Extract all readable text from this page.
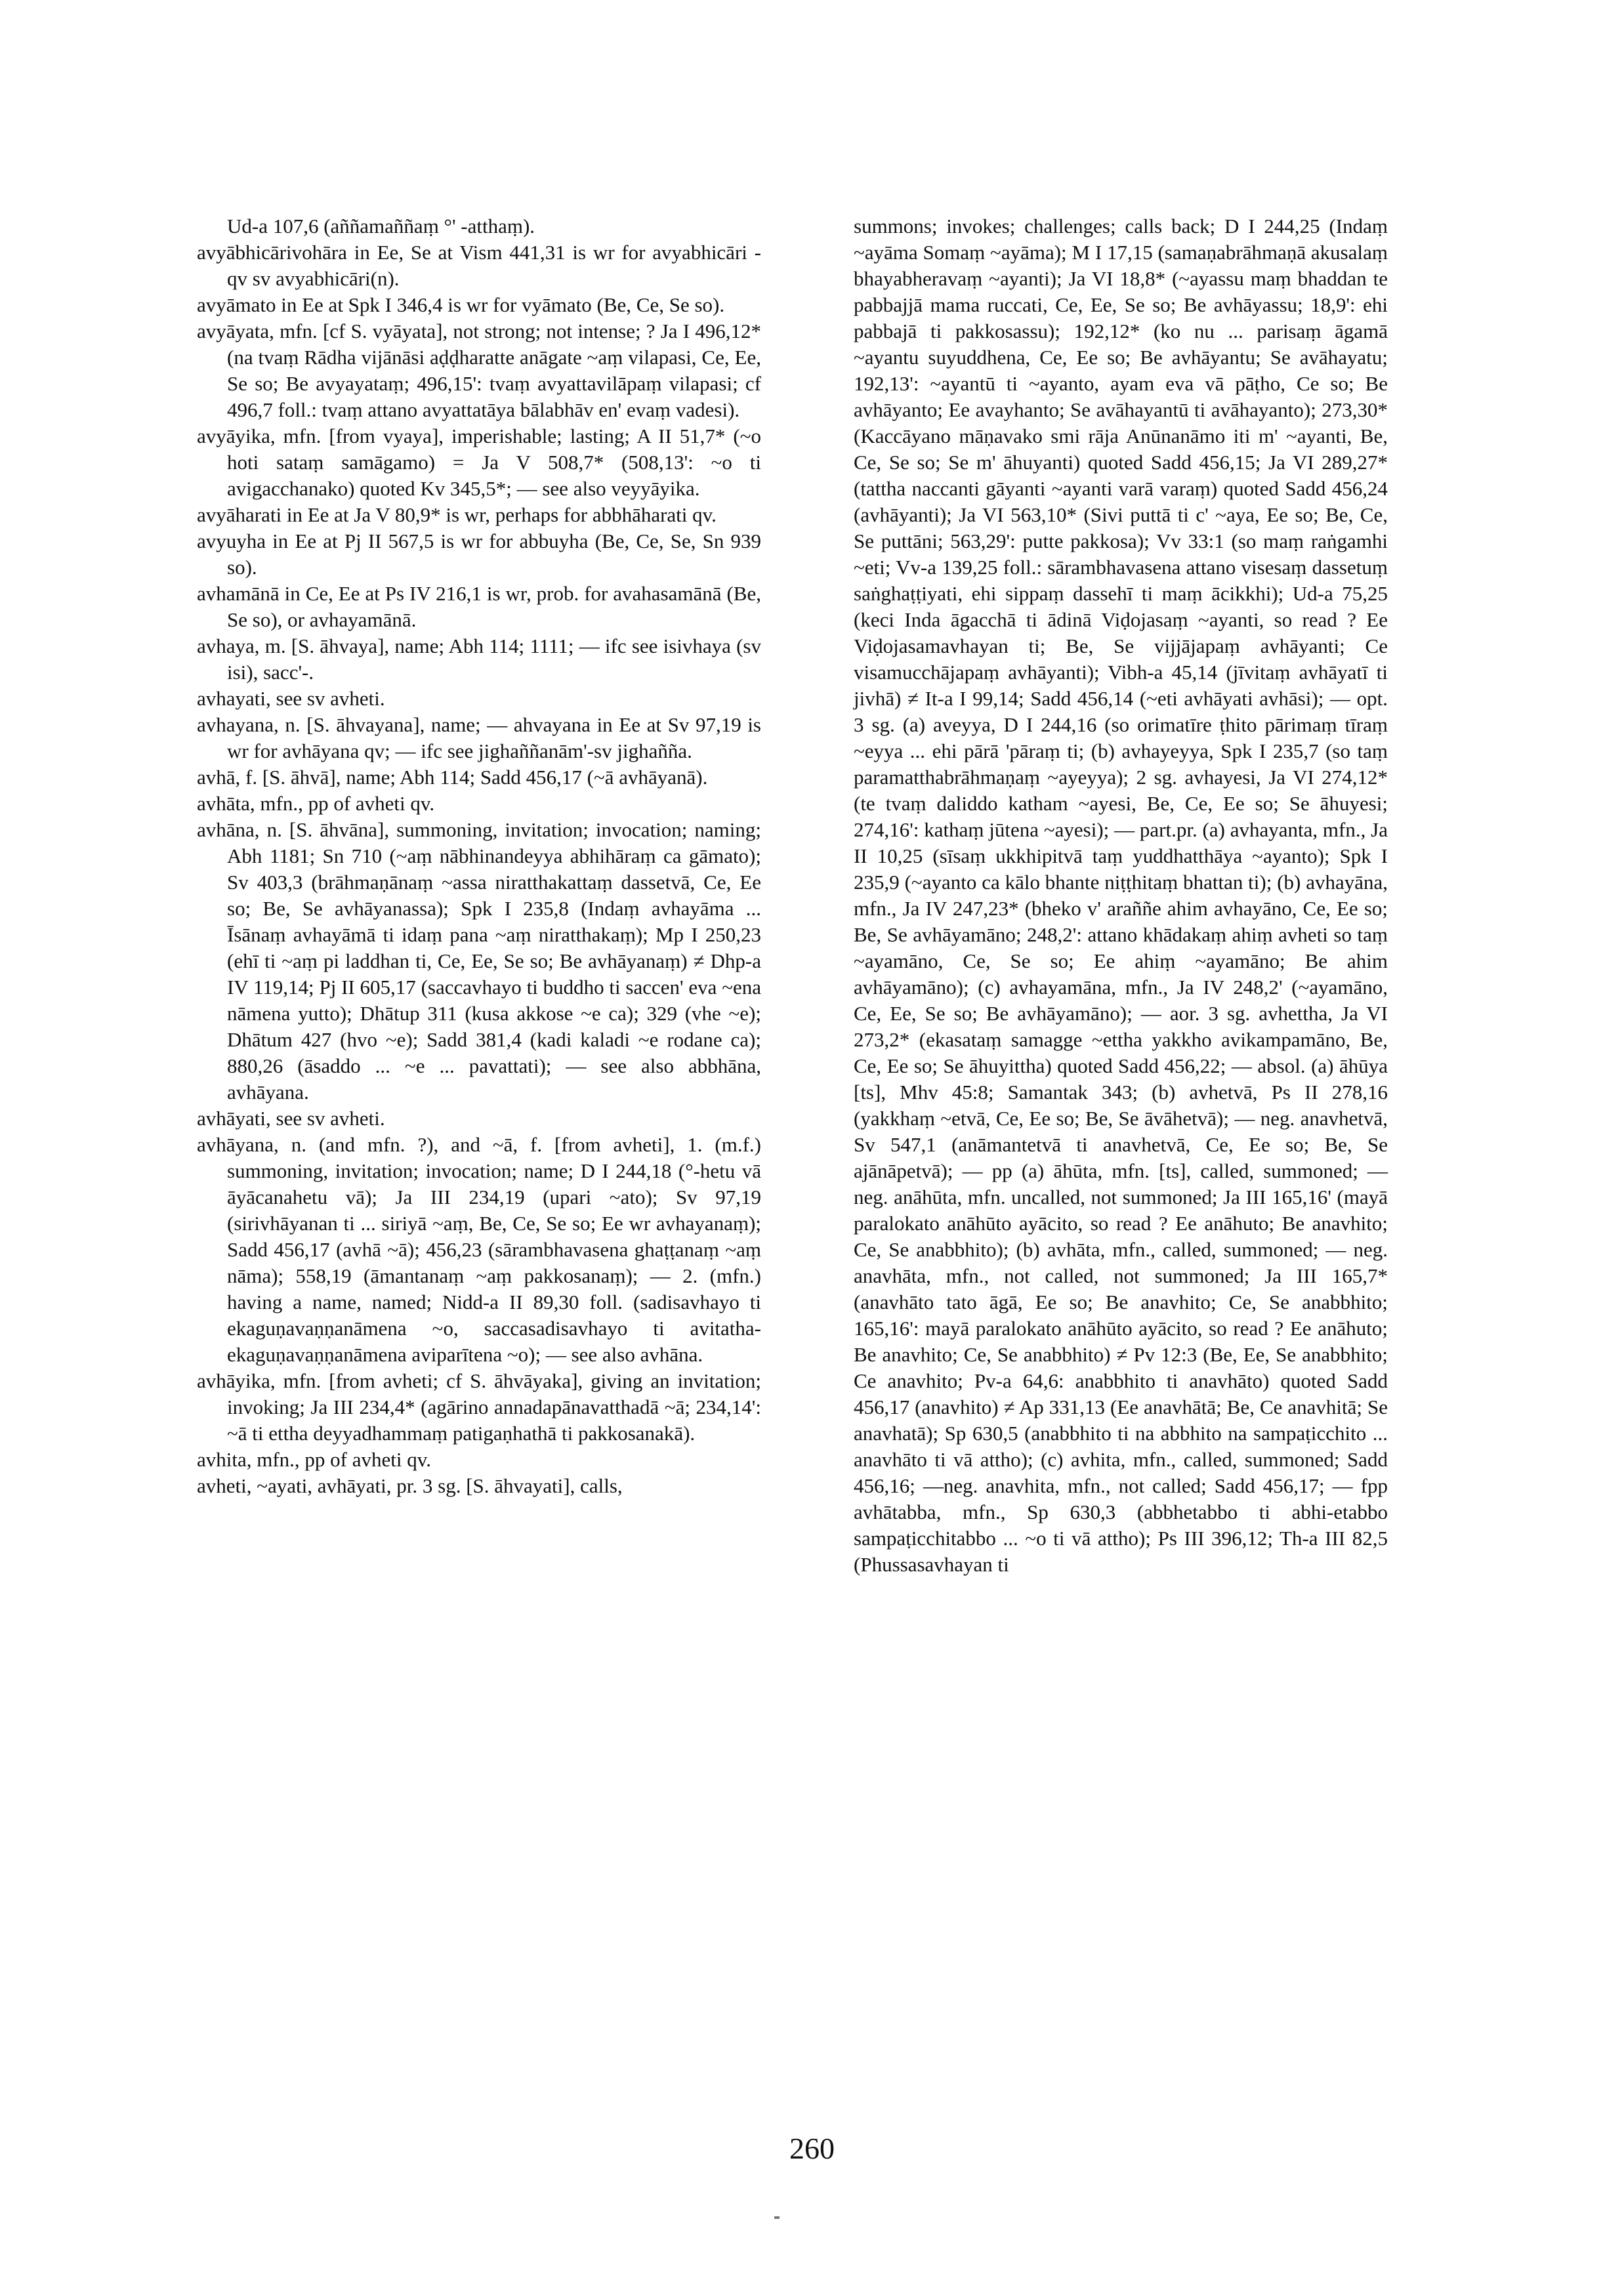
Ud-a 107,6 (aññamaññaṃ °' -atthaṃ).

avyābhicārivohāra in Ee, Se at Vism 441,31 is wr for avyabhicāri - qv sv avyabhicāri(n).

avyāmato in Ee at Spk I 346,4 is wr for vyāmato (Be, Ce, Se so).

avyāyata, mfn. [cf S. vyāyata], not strong; not intense; ? Ja I 496,12* (na tvaṃ Rādha vijānāsi aḍḍharatte anāgate ~aṃ vilapasi, Ce, Ee, Se so; Be avyayataṃ; 496,15': tvaṃ avyattavilāpaṃ vilapasi; cf 496,7 foll.: tvaṃ attano avyattatāya bālabhāv en' evaṃ vadesi).

avyāyika, mfn. [from vyaya], imperishable; lasting; A II 51,7* (~o hoti sataṃ samāgamo) = Ja V 508,7* (508,13': ~o ti avigacchanako) quoted Kv 345,5*; — see also veyyāyika.

avyāharati in Ee at Ja V 80,9* is wr, perhaps for abbhāharati qv.

avyuyha in Ee at Pj II 567,5 is wr for abbuyha (Be, Ce, Se, Sn 939 so).

avhamānā in Ce, Ee at Ps IV 216,1 is wr, prob. for avahasamānā (Be, Se so), or avhayamānā.

avhaya, m. [S. āhvaya], name; Abh 114; 1111; — ifc see isivhaya (sv isi), sacc'-.

avhayati, see sv avheti.

avhayana, n. [S. āhvayana], name; — ahvayana in Ee at Sv 97,19 is wr for avhāyana qv; — ifc see jighaññanām'-sv jighañña.

avhā, f. [S. āhvā], name; Abh 114; Sadd 456,17 (~ā avhāyanā).

avhāta, mfn., pp of avheti qv.

avhāna, n. [S. āhvāna], summoning, invitation; invocation; naming; Abh 1181; Sn 710 (~aṃ nābhinandeyya abhihāraṃ ca gāmato); Sv 403,3 (brāhmaṇānaṃ ~assa niratthakattaṃ dassetvā, Ce, Ee so; Be, Se avhāyanassa); Spk I 235,8 (Indaṃ avhayāma ... Īsānaṃ avhayāmā ti idaṃ pana ~aṃ niratthakaṃ); Mp I 250,23 (ehī ti ~aṃ pi laddhan ti, Ce, Ee, Se so; Be avhāyanaṃ) ≠ Dhp-a IV 119,14; Pj II 605,17 (saccavhayo ti buddho ti saccen' eva ~ena nāmena yutto); Dhātup 311 (kusa akkose ~e ca); 329 (vhe ~e); Dhātum 427 (hvo ~e); Sadd 381,4 (kadi kaladi ~e rodane ca); 880,26 (āsaddo ... ~e ... pavattati); — see also abbhāna, avhāyana.

avhāyati, see sv avheti.

avhāyana, n. (and mfn. ?), and ~ā, f. [from avheti], 1. (m.f.) summoning, invitation; invocation; name; D I 244,18 (°-hetu vā āyācanahetu vā); Ja III 234,19 (upari ~ato); Sv 97,19 (sirivhāyanan ti ... siriyā ~aṃ, Be, Ce, Se so; Ee wr avhayanaṃ); Sadd 456,17 (avhā ~ā); 456,23 (sārambhavasena ghaṭṭanaṃ ~aṃ nāma); 558,19 (āmantanaṃ ~aṃ pakkosanaṃ); — 2. (mfn.) having a name, named; Nidd-a II 89,30 foll. (sadisavhayo ti ekaguṇavaṇṇanāmena ~o, saccasadisavhayo ti avitatha-ekaguṇavaṇṇanāmena aviparītena ~o); — see also avhāna.

avhāyika, mfn. [from avheti; cf S. āhvāyaka], giving an invitation; invoking; Ja III 234,4* (agārino annadapānavatthadā ~ā; 234,14': ~ā ti ettha deyyadhammaṃ patigaṇhathā ti pakkosanakā).

avhita, mfn., pp of avheti qv.

avheti, ~ayati, avhāyati, pr. 3 sg. [S. āhvayati], calls,

summons; invokes; challenges; calls back; D I 244,25 (Indaṃ ~ayāma Somaṃ ~ayāma); M I 17,15 (samaṇabrāhmaṇā akusalaṃ bhayabheravaṃ ~ayanti); Ja VI 18,8* (~ayassu maṃ bhaddan te pabbajjā mama ruccati, Ce, Ee, Se so; Be avhāyassu; 18,9': ehi pabbajā ti pakkosassu); 192,12* (ko nu ... parisaṃ āgamā ~ayantu suyuddhena, Ce, Ee so; Be avhāyantu; Se avāhayatu; 192,13': ~ayantū ti ~ayanto, ayam eva vā pāṭho, Ce so; Be avhāyanto; Ee avayhanto; Se avāhayantū ti avāhayanto); 273,30* (Kaccāyano māṇavako smi rāja Anūnanāmo iti m' ~ayanti, Be, Ce, Se so; Se m' āhuyanti) quoted Sadd 456,15; Ja VI 289,27* (tattha naccanti gāyanti ~ayanti varā varaṃ) quoted Sadd 456,24 (avhāyanti); Ja VI 563,10* (Sivi puttā ti c' ~aya, Ee so; Be, Ce, Se puttāni; 563,29': putte pakkosa); Vv 33:1 (so maṃ raṅgamhi ~eti; Vv-a 139,25 foll.: sārambhavasena attano visesaṃ dassetuṃ saṅghaṭṭiyati, ehi sippaṃ dassehī ti maṃ ācikkhi); Ud-a 75,25 (keci Inda āgacchā ti ādinā Viḍojasaṃ ~ayanti, so read ? Ee Viḍojasamavhayan ti; Be, Se vijjājapaṃ avhāyanti; Ce visamucchājapaṃ avhāyanti); Vibh-a 45,14 (jīvitaṃ avhāyatī ti jivhā) ≠ It-a I 99,14; Sadd 456,14 (~eti avhāyati avhāsi); — opt. 3 sg. (a) aveyya, D I 244,16 (so orimatīre ṭhito pārimaṃ tīraṃ ~eyya ... ehi pārā 'pāraṃ ti; (b) avhayeyya, Spk I 235,7 (so taṃ paramatthabrāhmaṇaṃ ~ayeyya); 2 sg. avhayesi, Ja VI 274,12* (te tvaṃ daliddo katham ~ayesi, Be, Ce, Ee so; Se āhuyesi; 274,16': kathaṃ jūtena ~ayesi); — part.pr. (a) avhayanta, mfn., Ja II 10,25 (sīsaṃ ukkhipitvā taṃ yuddhatthāya ~ayanto); Spk I 235,9 (~ayanto ca kālo bhante niṭṭhitaṃ bhattan ti); (b) avhayāna, mfn., Ja IV 247,23* (bheko v' araññe ahim avhayāno, Ce, Ee so; Be, Se avhāyamāno; 248,2': attano khādakaṃ ahiṃ avheti so taṃ ~ayamāno, Ce, Se so; Ee ahiṃ ~ayamāno; Be ahim avhāyamāno); (c) avhayamāna, mfn., Ja IV 248,2' (~ayamāno, Ce, Ee, Se so; Be avhāyamāno); — aor. 3 sg. avhettha, Ja VI 273,2* (ekasataṃ samagge ~ettha yakkho avikampamāno, Be, Ce, Ee so; Se āhuyittha) quoted Sadd 456,22; — absol. (a) āhūya [ts], Mhv 45:8; Samantak 343; (b) avhetvā, Ps II 278,16 (yakkhaṃ ~etvā, Ce, Ee so; Be, Se āvāhetvā); — neg. anavhetvā, Sv 547,1 (anāmantetvā ti anavhetvā, Ce, Ee so; Be, Se ajānāpetvā); — pp (a) āhūta, mfn. [ts], called, summoned; — neg. anāhūta, mfn. uncalled, not summoned; Ja III 165,16' (mayā paralokato anāhūto ayācito, so read ? Ee anāhuto; Be anavhito; Ce, Se anabbhito); (b) avhāta, mfn., called, summoned; — neg. anavhāta, mfn., not called, not summoned; Ja III 165,7* (anavhāto tato āgā, Ee so; Be anavhito; Ce, Se anabbhito; 165,16': mayā paralokato anāhūto ayācito, so read ? Ee anāhuto; Be anavhito; Ce, Se anabbhito) ≠ Pv 12:3 (Be, Ee, Se anabbhito; Ce anavhito; Pv-a 64,6: anabbhito ti anavhāto) quoted Sadd 456,17 (anavhito) ≠ Ap 331,13 (Ee anavhātā; Be, Ce anavhitā; Se anavhatā); Sp 630,5 (anabbhito ti na abbhito na sampaṭicchito ... anavhāto ti vā attho); (c) avhita, mfn., called, summoned; Sadd 456,16; —neg. anavhita, mfn., not called; Sadd 456,17; — fpp avhātabba, mfn., Sp 630,3 (abbhetabbo ti abhi-etabbo sampaṭicchitabbo ... ~o ti vā attho); Ps III 396,12; Th-a III 82,5 (Phussasavhayan ti

260
